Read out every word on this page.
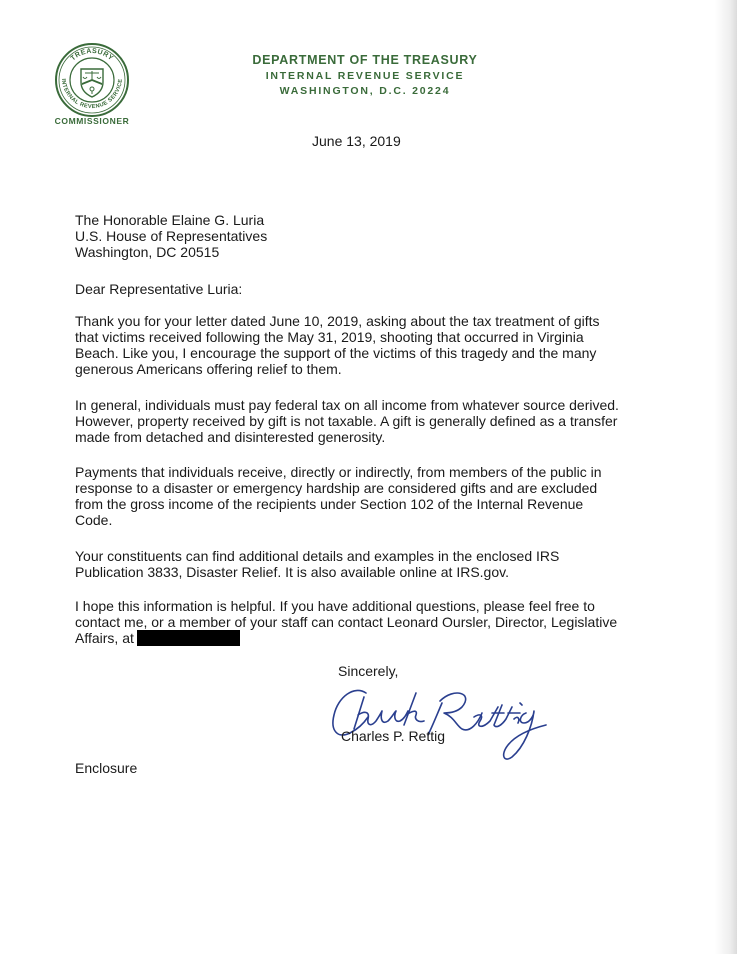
TREASURY
INTERNAL REVENUE SERVICE
COMMISSIONER
DEPARTMENT OF THE TREASURY
INTERNAL REVENUE SERVICE
WASHINGTON, D.C. 20224
June 13, 2019
The Honorable Elaine G. Luria
U.S. House of Representatives
Washington, DC 20515
Dear Representative Luria:
Thank you for your letter dated June 10, 2019, asking about the tax treatment of gifts
that victims received following the May 31, 2019, shooting that occurred in Virginia
Beach. Like you, I encourage the support of the victims of this tragedy and the many
generous Americans offering relief to them.
In general, individuals must pay federal tax on all income from whatever source derived.
However, property received by gift is not taxable. A gift is generally defined as a transfer
made from detached and disinterested generosity.
Payments that individuals receive, directly or indirectly, from members of the public in
response to a disaster or emergency hardship are considered gifts and are excluded
from the gross income of the recipients under Section 102 of the Internal Revenue
Code.
Your constituents can find additional details and examples in the enclosed IRS
Publication 3833, Disaster Relief. It is also available online at IRS.gov.
I hope this information is helpful. If you have additional questions, please feel free to
contact me, or a member of your staff can contact Leonard Oursler, Director, Legislative
Affairs, at
Sincerely,
Charles P. Rettig
Enclosure
